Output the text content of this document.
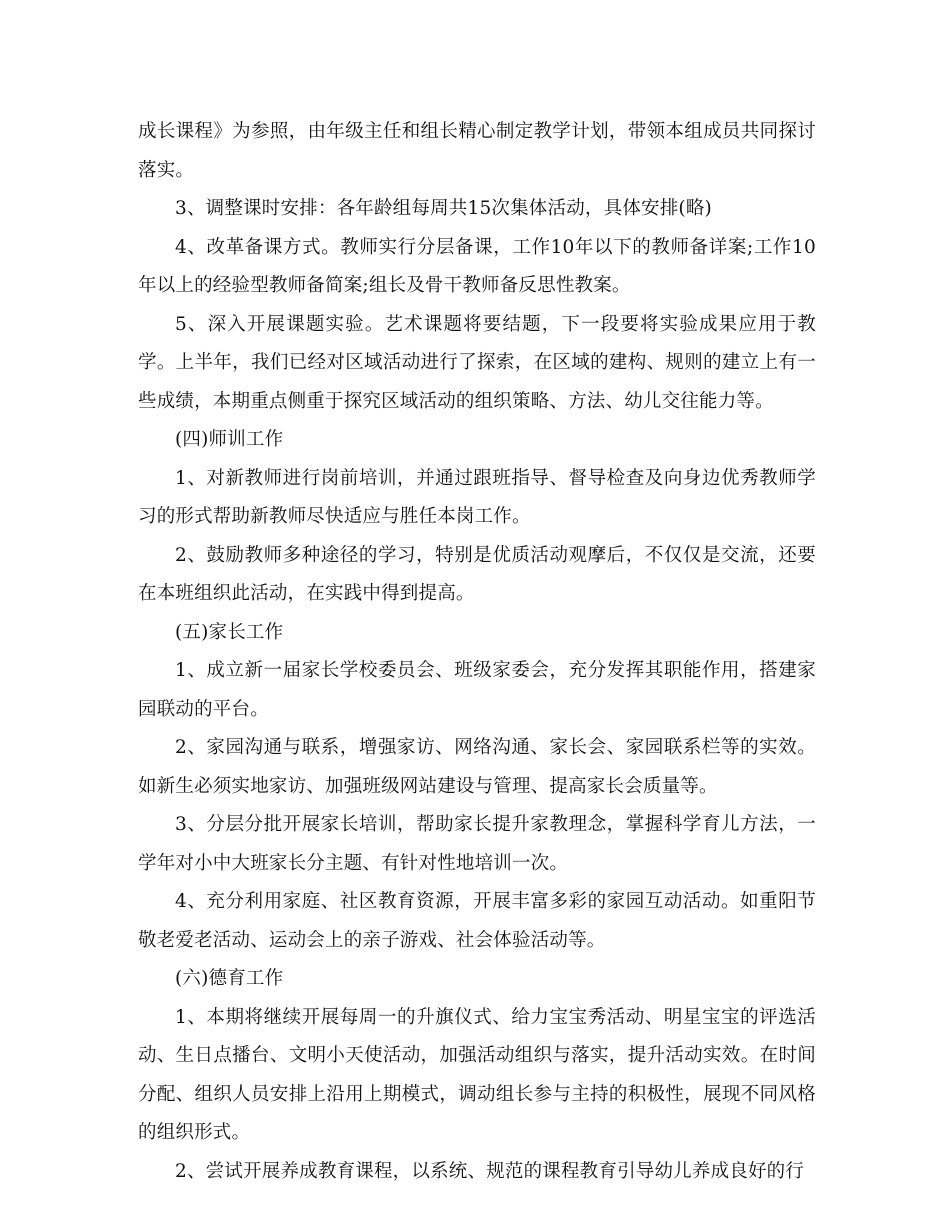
成长课程》为参照，由年级主任和组长精心制定教学计划，带领本组成员共同探讨落实。

3、调整课时安排：各年龄组每周共15次集体活动，具体安排(略)

4、改革备课方式。教师实行分层备课，工作10年以下的教师备详案;工作10年以上的经验型教师备简案;组长及骨干教师备反思性教案。

5、深入开展课题实验。艺术课题将要结题，下一段要将实验成果应用于教学。上半年，我们已经对区域活动进行了探索，在区域的建构、规则的建立上有一些成绩，本期重点侧重于探究区域活动的组织策略、方法、幼儿交往能力等。

(四)师训工作

1、对新教师进行岗前培训，并通过跟班指导、督导检查及向身边优秀教师学习的形式帮助新教师尽快适应与胜任本岗工作。

2、鼓励教师多种途径的学习，特别是优质活动观摩后，不仅仅是交流，还要在本班组织此活动，在实践中得到提高。

(五)家长工作

1、成立新一届家长学校委员会、班级家委会，充分发挥其职能作用，搭建家园联动的平台。

2、家园沟通与联系，增强家访、网络沟通、家长会、家园联系栏等的实效。如新生必须实地家访、加强班级网站建设与管理、提高家长会质量等。

3、分层分批开展家长培训，帮助家长提升家教理念，掌握科学育儿方法，一学年对小中大班家长分主题、有针对性地培训一次。

4、充分利用家庭、社区教育资源，开展丰富多彩的家园互动活动。如重阳节敬老爱老活动、运动会上的亲子游戏、社会体验活动等。

(六)德育工作

1、本期将继续开展每周一的升旗仪式、给力宝宝秀活动、明星宝宝的评选活动、生日点播台、文明小天使活动，加强活动组织与落实，提升活动实效。在时间分配、组织人员安排上沿用上期模式，调动组长参与主持的积极性，展现不同风格的组织形式。

2、尝试开展养成教育课程，以系统、规范的课程教育引导幼儿养成良好的行
